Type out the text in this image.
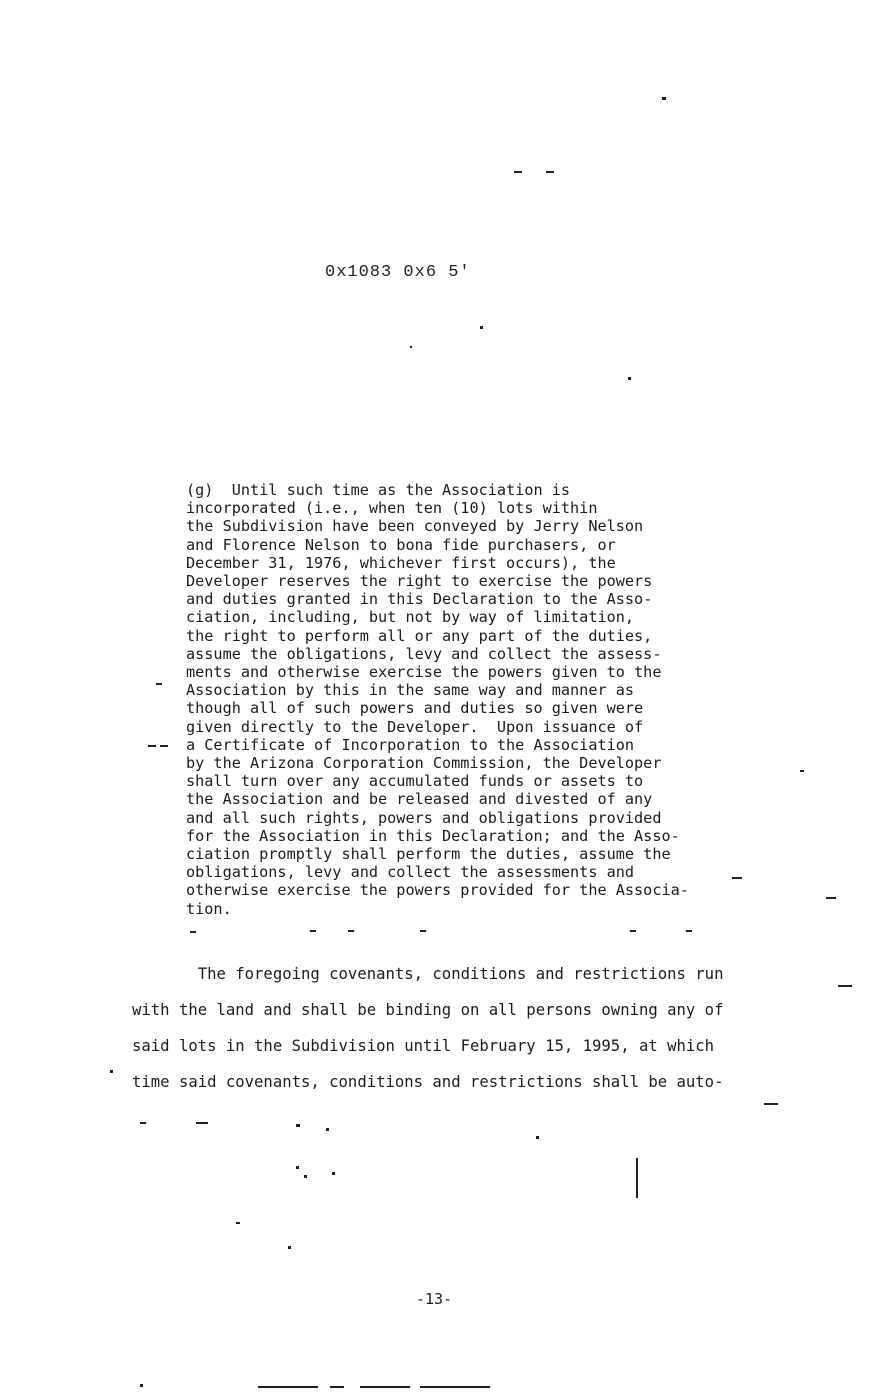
0x1083 0x6 5'
(g)  Until such time as the Association is
incorporated (i.e., when ten (10) lots within
the Subdivision have been conveyed by Jerry Nelson
and Florence Nelson to bona fide purchasers, or
December 31, 1976, whichever first occurs), the
Developer reserves the right to exercise the powers
and duties granted in this Declaration to the Asso-
ciation, including, but not by way of limitation,
the right to perform all or any part of the duties,
assume the obligations, levy and collect the assess-
ments and otherwise exercise the powers given to the
Association by this in the same way and manner as
though all of such powers and duties so given were
given directly to the Developer.  Upon issuance of
a Certificate of Incorporation to the Association
by the Arizona Corporation Commission, the Developer
shall turn over any accumulated funds or assets to
the Association and be released and divested of any
and all such rights, powers and obligations provided
for the Association in this Declaration; and the Asso-
ciation promptly shall perform the duties, assume the
obligations, levy and collect the assessments and
otherwise exercise the powers provided for the Associa-
tion.
The foregoing covenants, conditions and restrictions run
with the land and shall be binding on all persons owning any of
said lots in the Subdivision until February 15, 1995, at which
time said covenants, conditions and restrictions shall be auto-
-13-
